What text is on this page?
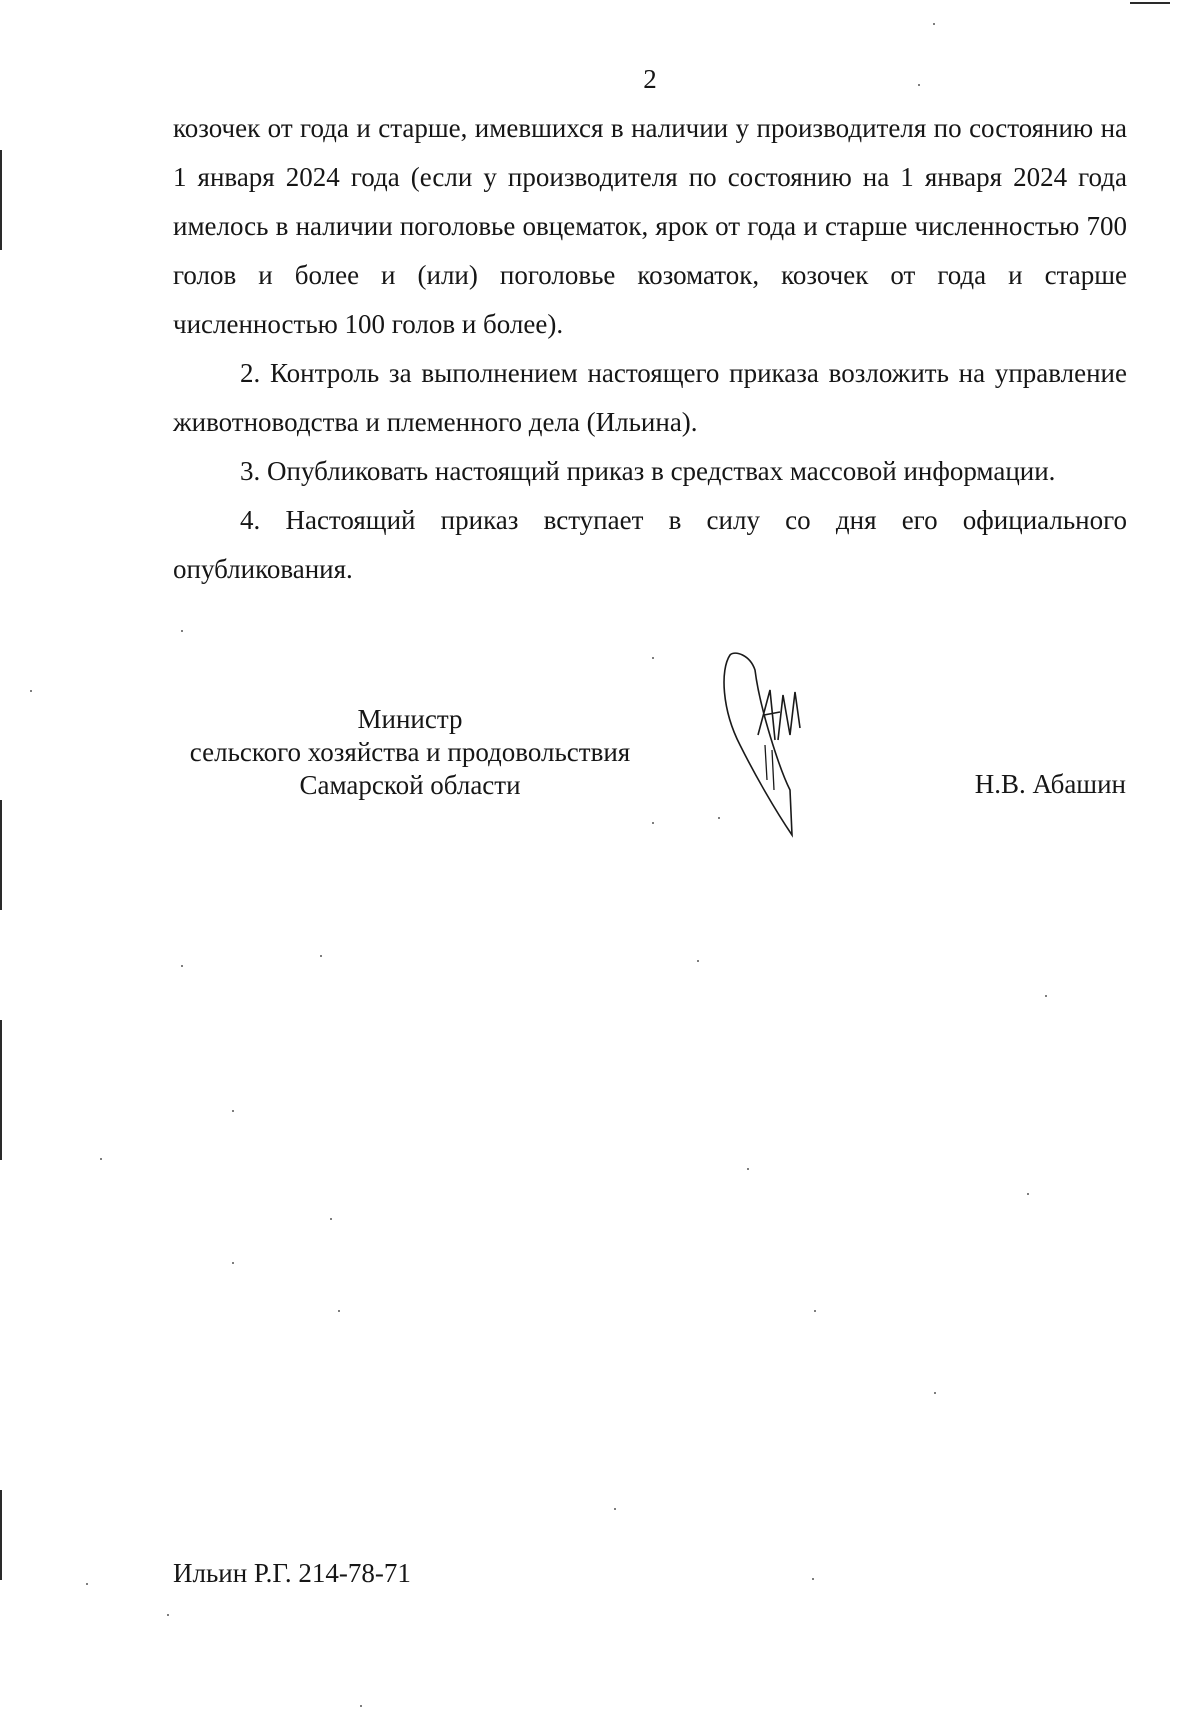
2

козочек от года и старше, имевшихся в наличии у производителя по состоянию на 1 января 2024 года (если у производителя по состоянию на 1 января 2024 года имелось в наличии поголовье овцематок, ярок от года и старше численностью 700 голов и более и (или) поголовье козоматок, козочек от года и старше численностью 100 голов и более).

2. Контроль за выполнением настоящего приказа возложить на управление животноводства и племенного дела (Ильина).

3. Опубликовать настоящий приказ в средствах массовой информации.

4. Настоящий приказ вступает в силу со дня его официального опубликования.

Министр
сельского хозяйства и продовольствия
Самарской области	Н.В. Абашин
Ильин Р.Г. 214-78-71
